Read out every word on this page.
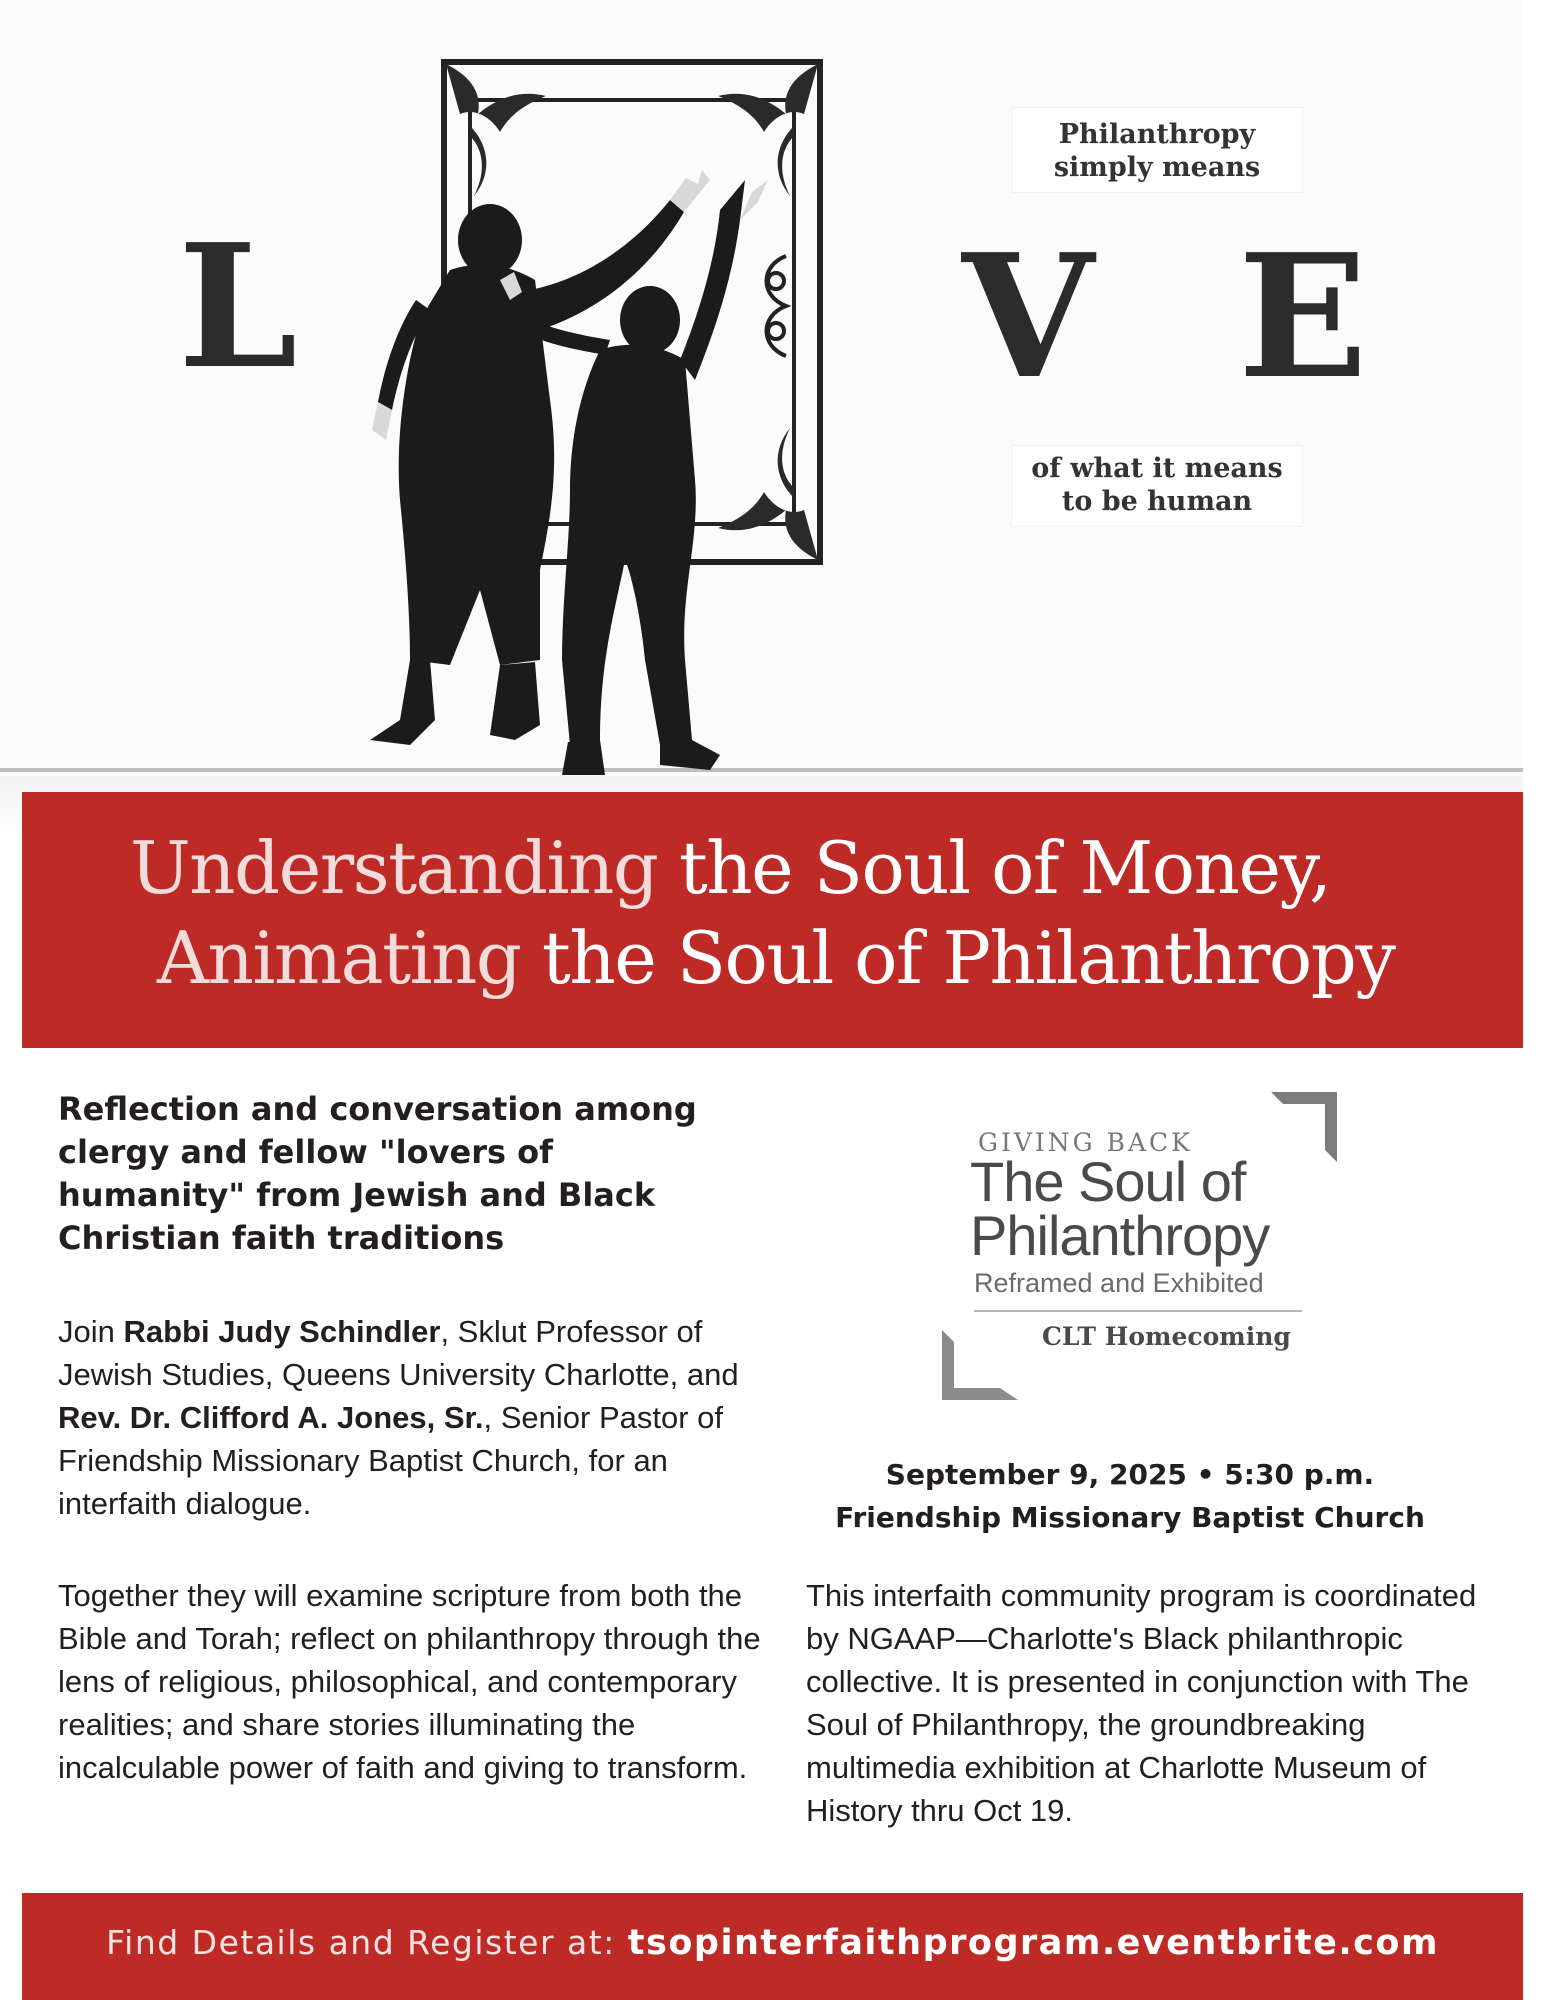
L	V E
Philanthropy
simply means
of what it means
to be human
Understanding the Soul of Money,
Animating the Soul of Philanthropy
Reflection and conversation among clergy and fellow "lovers of humanity" from Jewish and Black Christian faith traditions
Join Rabbi Judy Schindler, Sklut Professor of Jewish Studies, Queens University Charlotte, and Rev. Dr. Clifford A. Jones, Sr., Senior Pastor of Friendship Missionary Baptist Church, for an interfaith dialogue.
Together they will examine scripture from both the Bible and Torah; reflect on philanthropy through the lens of religious, philosophical, and contemporary realities; and share stories illuminating the incalculable power of faith and giving to transform.
GIVING BACK
The Soul of
Philanthropy
Reframed and Exhibited
CLT Homecoming
September 9, 2025 • 5:30 p.m.
Friendship Missionary Baptist Church
This interfaith community program is coordinated by NGAAP—Charlotte's Black philanthropic collective. It is presented in conjunction with The Soul of Philanthropy, the groundbreaking multimedia exhibition at Charlotte Museum of History thru Oct 19.
Find Details and Register at: tsopinterfaithprogram.eventbrite.com
